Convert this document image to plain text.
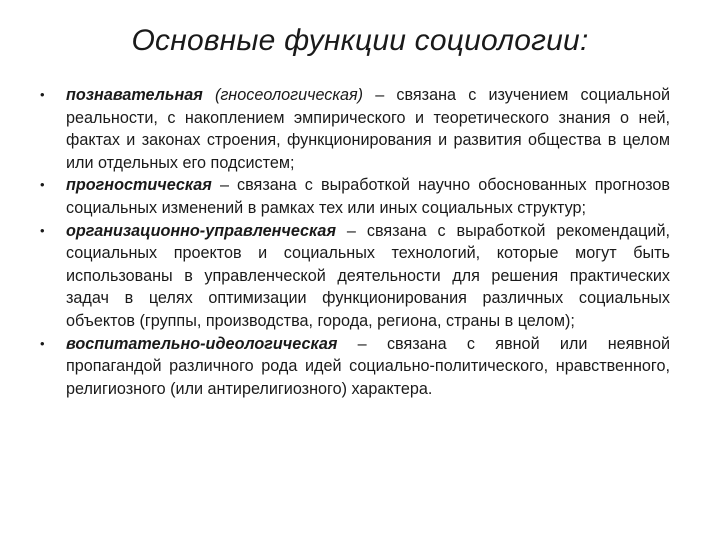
Основные функции социологии:
• познавательная (гносеологическая) – связана с изучением социальной реальности, с накоплением эмпирического и теоретического знания о ней, фактах и законах строения, функционирования и развития общества в целом или отдельных его подсистем;
• прогностическая – связана с выработкой научно обоснованных прогнозов социальных изменений в рамках тех или иных социальных структур;
• организационно-управленческая – связана с выработкой рекомендаций, социальных проектов и социальных технологий, которые могут быть использованы в управленческой деятельности для решения практических задач в целях оптимизации функционирования различных социальных объектов (группы, производства, города, региона, страны в целом);
• воспитательно-идеологическая – связана с явной или неявной пропагандой различного рода идей социально-политического, нравственного, религиозного (или антирелигиозного) характера.
